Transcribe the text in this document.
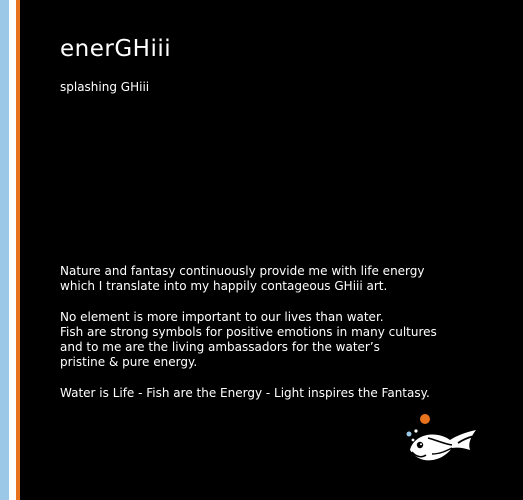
enerGHiii
splashing GHiii

Nature and fantasy continuously provide me with life energy
which I translate into my happily contageous GHiii art.

No element is more important to our lives than water.
Fish are strong symbols for positive emotions in many cultures
and to me are the living ambassadors for the water’s
pristine & pure energy.

Water is Life - Fish are the Energy - Light inspires the Fantasy.
